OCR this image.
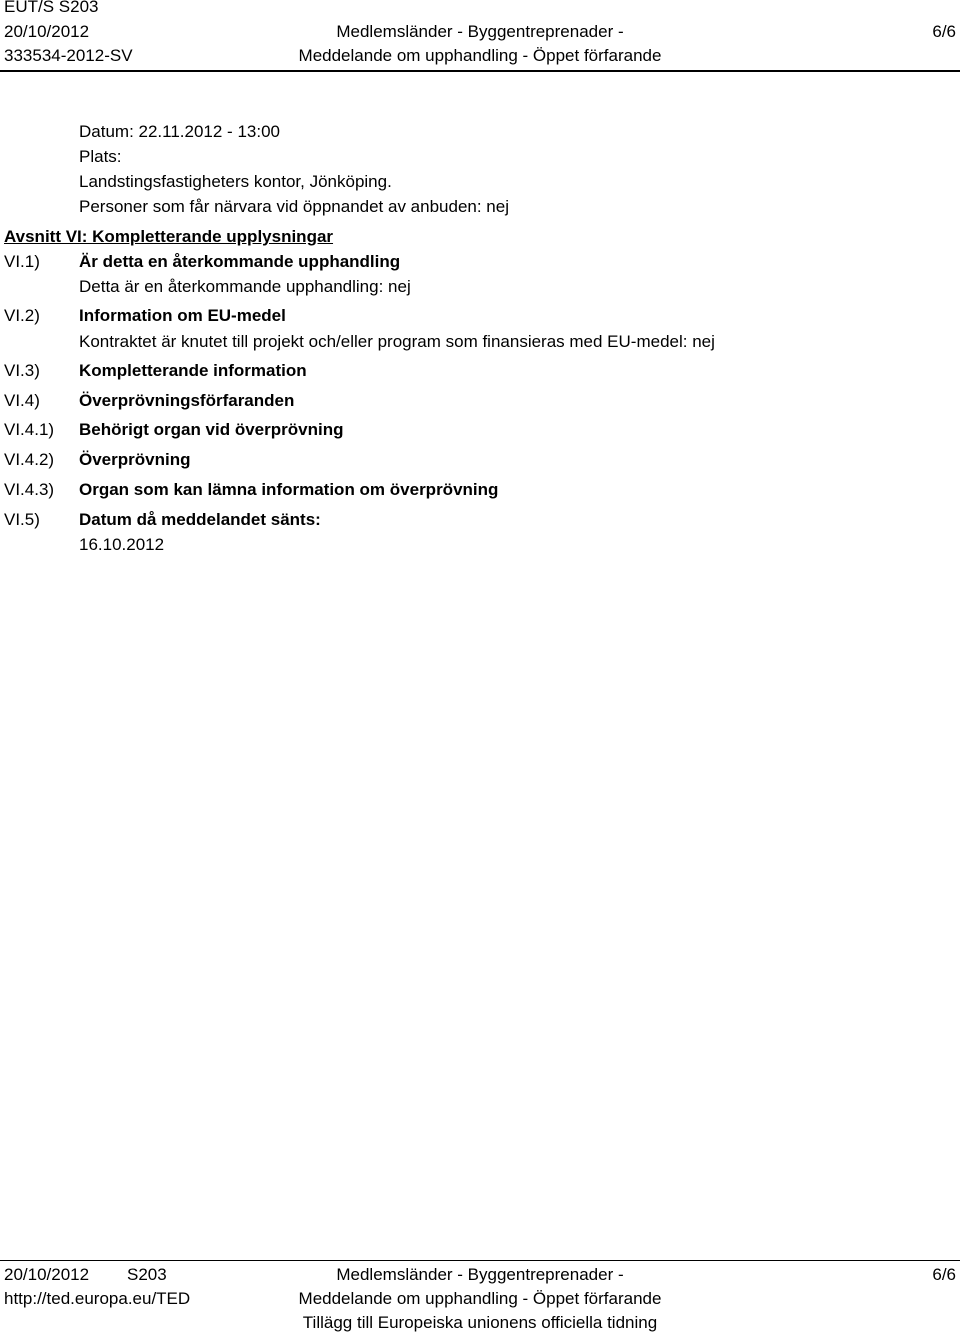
EUT/S S203
20/10/2012
333534-2012-SV
Medlemsländer - Byggentreprenader -
Meddelande om upphandling - Öppet förfarande
6/6
Datum: 22.11.2012 - 13:00
Plats:
Landstingsfastigheters kontor, Jönköping.
Personer som får närvara vid öppnandet av anbuden: nej
Avsnitt VI: Kompletterande upplysningar
VI.1) Är detta en återkommande upphandling
Detta är en återkommande upphandling: nej
VI.2) Information om EU-medel
Kontraktet är knutet till projekt och/eller program som finansieras med EU-medel: nej
VI.3) Kompletterande information
VI.4) Överprövningsförfaranden
VI.4.1) Behörigt organ vid överprövning
VI.4.2) Överprövning
VI.4.3) Organ som kan lämna information om överprövning
VI.5) Datum då meddelandet sänts:
16.10.2012
20/10/2012 S203
http://ted.europa.eu/TED
Medlemsländer - Byggentreprenader -
Meddelande om upphandling - Öppet förfarande
Tillägg till Europeiska unionens officiella tidning
6/6
